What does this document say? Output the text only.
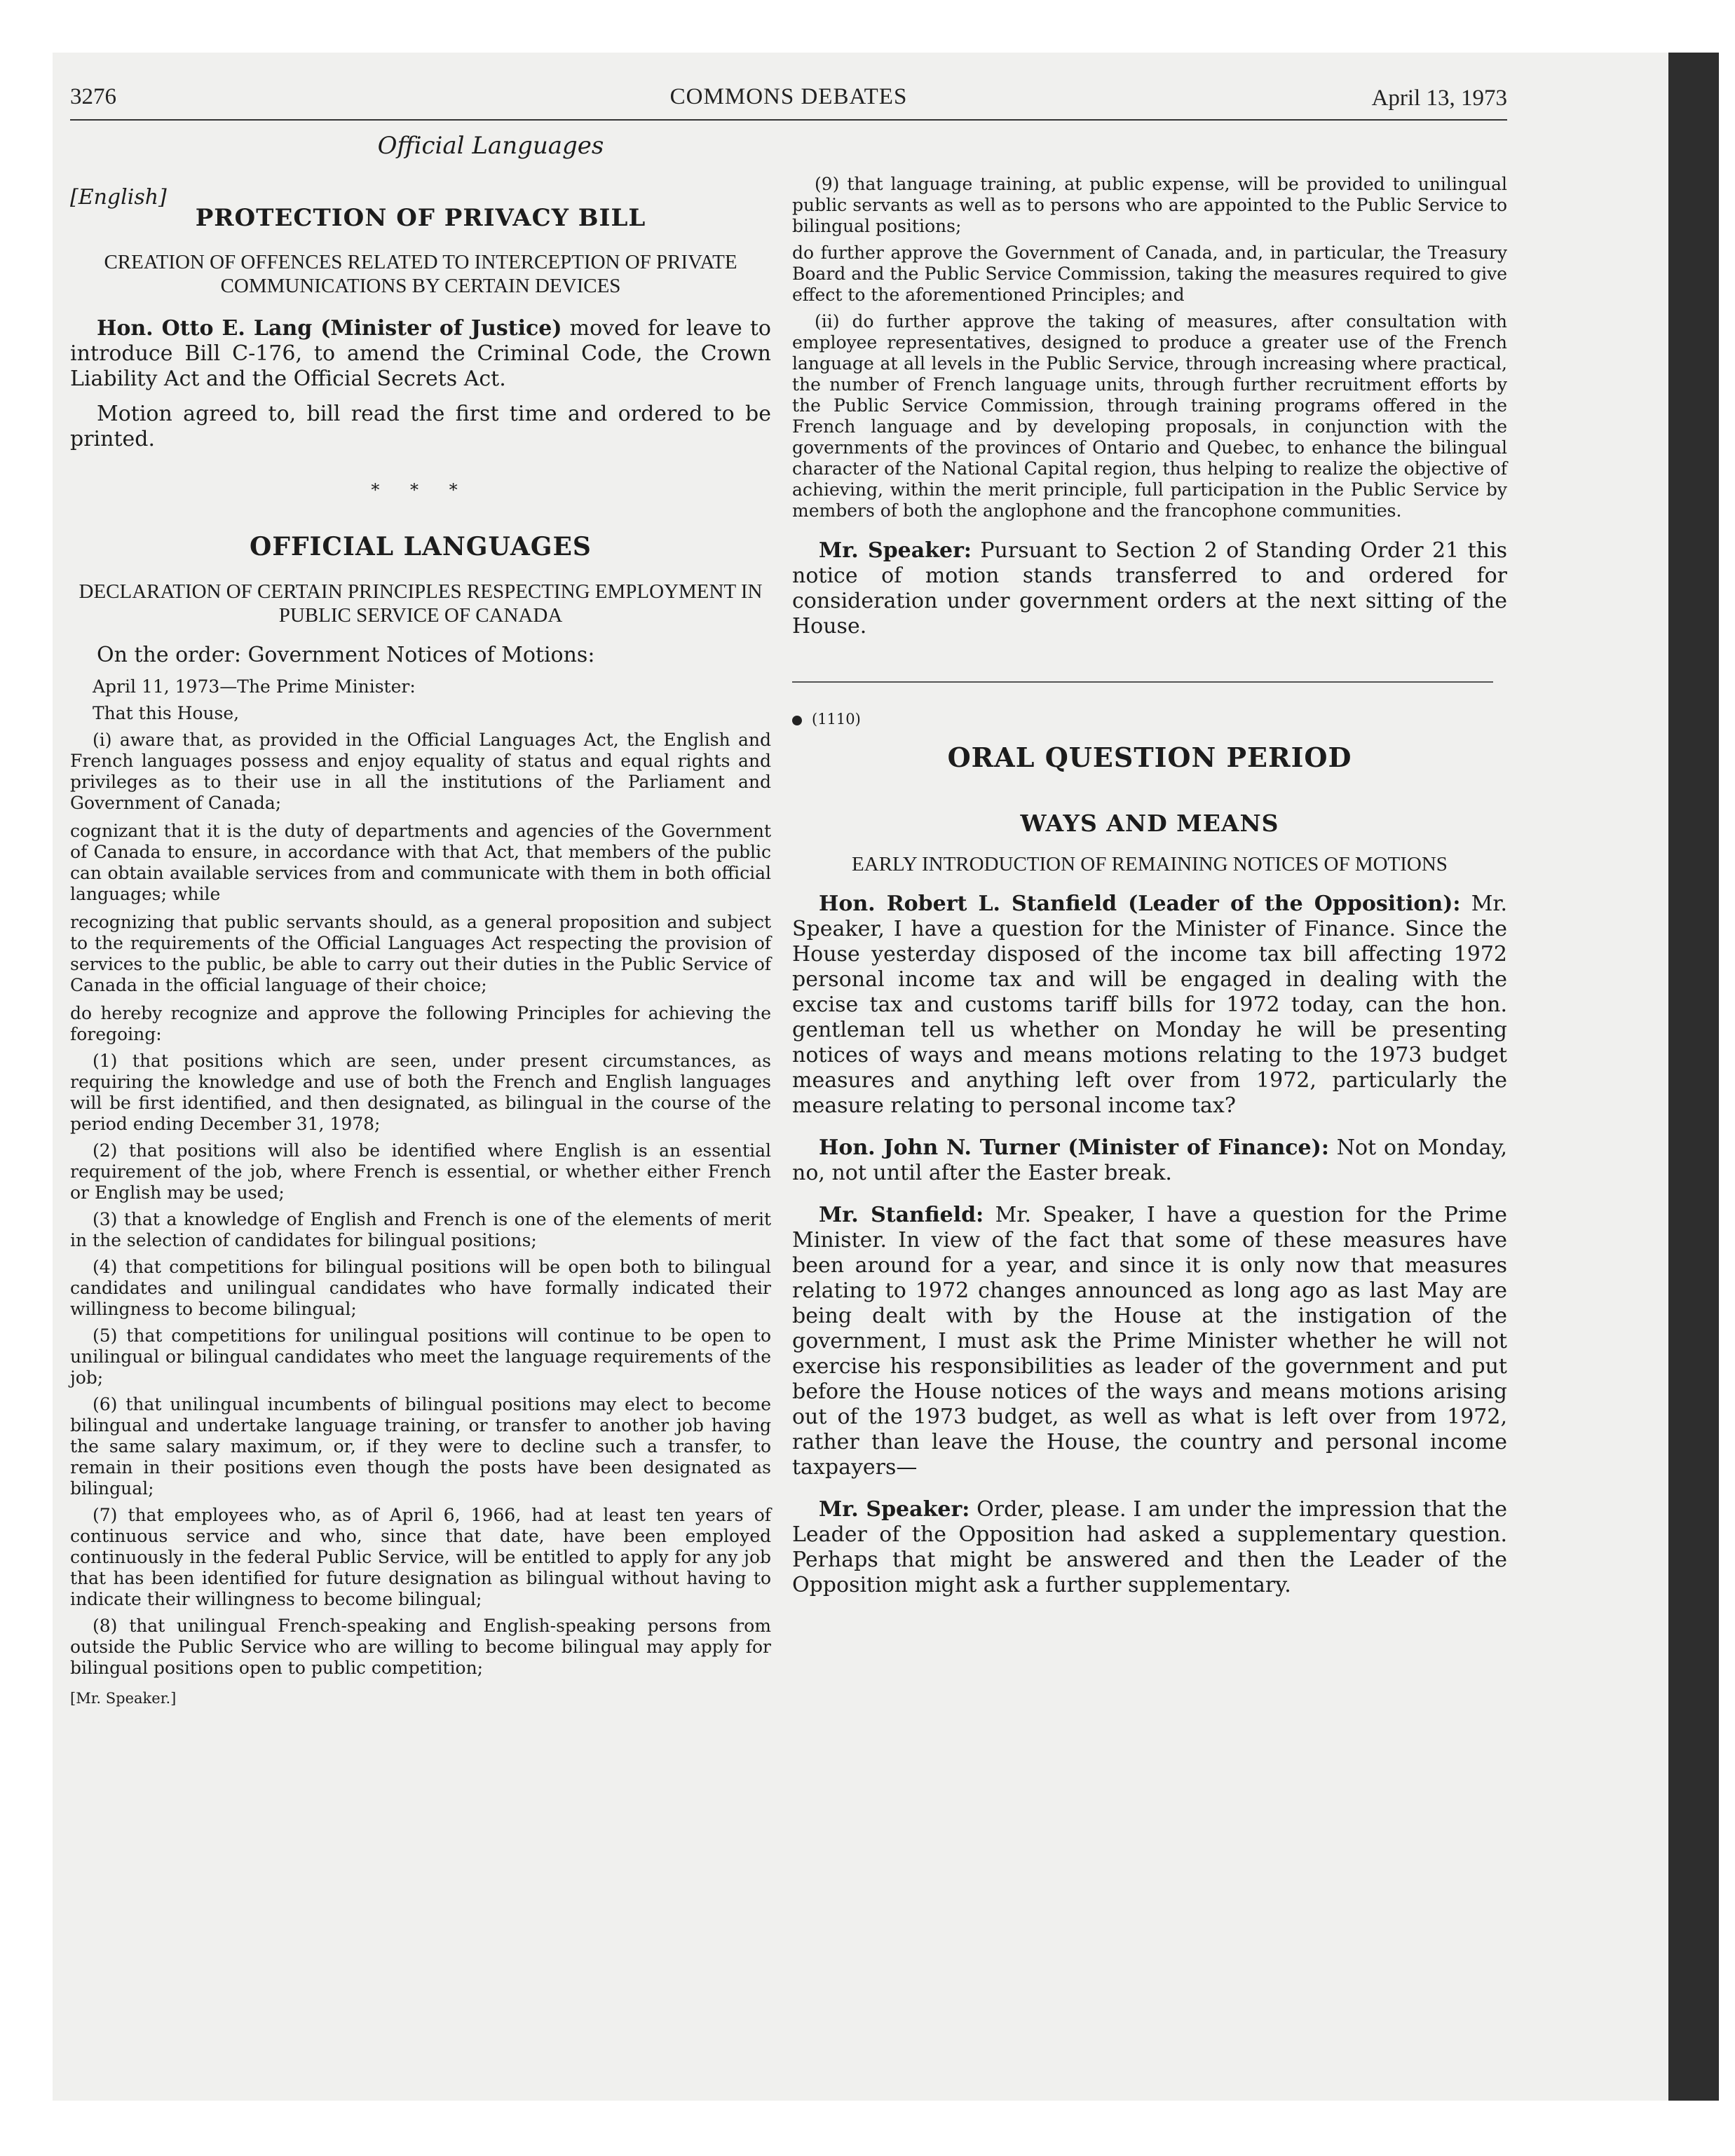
3276	COMMONS DEBATES	April 13, 1973

Official Languages

[English]

PROTECTION OF PRIVACY BILL

CREATION OF OFFENCES RELATED TO INTERCEPTION OF PRIVATE COMMUNICATIONS BY CERTAIN DEVICES

Hon. Otto E. Lang (Minister of Justice) moved for leave to introduce Bill C-176, to amend the Criminal Code, the Crown Liability Act and the Official Secrets Act.

Motion agreed to, bill read the first time and ordered to be printed.

* * *

OFFICIAL LANGUAGES

DECLARATION OF CERTAIN PRINCIPLES RESPECTING EMPLOYMENT IN PUBLIC SERVICE OF CANADA

On the order: Government Notices of Motions:

April 11, 1973—The Prime Minister:

That this House,

(i) aware that, as provided in the Official Languages Act, the English and French languages possess and enjoy equality of status and equal rights and privileges as to their use in all the institutions of the Parliament and Government of Canada;

cognizant that it is the duty of departments and agencies of the Government of Canada to ensure, in accordance with that Act, that members of the public can obtain available services from and communicate with them in both official languages; while

recognizing that public servants should, as a general proposition and subject to the requirements of the Official Languages Act respecting the provision of services to the public, be able to carry out their duties in the Public Service of Canada in the official language of their choice;

do hereby recognize and approve the following Principles for achieving the foregoing:

(1) that positions which are seen, under present circumstances, as requiring the knowledge and use of both the French and English languages will be first identified, and then designated, as bilingual in the course of the period ending December 31, 1978;

(2) that positions will also be identified where English is an essential requirement of the job, where French is essential, or whether either French or English may be used;

(3) that a knowledge of English and French is one of the elements of merit in the selection of candidates for bilingual positions;

(4) that competitions for bilingual positions will be open both to bilingual candidates and unilingual candidates who have formally indicated their willingness to become bilingual;

(5) that competitions for unilingual positions will continue to be open to unilingual or bilingual candidates who meet the language requirements of the job;

(6) that unilingual incumbents of bilingual positions may elect to become bilingual and undertake language training, or transfer to another job having the same salary maximum, or, if they were to decline such a transfer, to remain in their positions even though the posts have been designated as bilingual;

(7) that employees who, as of April 6, 1966, had at least ten years of continuous service and who, since that date, have been employed continuously in the federal Public Service, will be entitled to apply for any job that has been identified for future designation as bilingual without having to indicate their willingness to become bilingual;

(8) that unilingual French-speaking and English-speaking persons from outside the Public Service who are willing to become bilingual may apply for bilingual positions open to public competition;

[Mr. Speaker.]

(9) that language training, at public expense, will be provided to unilingual public servants as well as to persons who are appointed to the Public Service to bilingual positions;

do further approve the Government of Canada, and, in particular, the Treasury Board and the Public Service Commission, taking the measures required to give effect to the aforementioned Principles; and

(ii) do further approve the taking of measures, after consultation with employee representatives, designed to produce a greater use of the French language at all levels in the Public Service, through increasing where practical, the number of French language units, through further recruitment efforts by the Public Service Commission, through training programs offered in the French language and by developing proposals, in conjunction with the governments of the provinces of Ontario and Quebec, to enhance the bilingual character of the National Capital region, thus helping to realize the objective of achieving, within the merit principle, full participation in the Public Service by members of both the anglophone and the francophone communities.

Mr. Speaker: Pursuant to Section 2 of Standing Order 21 this notice of motion stands transferred to and ordered for consideration under government orders at the next sitting of the House.

(1110)

ORAL QUESTION PERIOD

WAYS AND MEANS

EARLY INTRODUCTION OF REMAINING NOTICES OF MOTIONS

Hon. Robert L. Stanfield (Leader of the Opposition): Mr. Speaker, I have a question for the Minister of Finance. Since the House yesterday disposed of the income tax bill affecting 1972 personal income tax and will be engaged in dealing with the excise tax and customs tariff bills for 1972 today, can the hon. gentleman tell us whether on Monday he will be presenting notices of ways and means motions relating to the 1973 budget measures and anything left over from 1972, particularly the measure relating to personal income tax?

Hon. John N. Turner (Minister of Finance): Not on Monday, no, not until after the Easter break.

Mr. Stanfield: Mr. Speaker, I have a question for the Prime Minister. In view of the fact that some of these measures have been around for a year, and since it is only now that measures relating to 1972 changes announced as long ago as last May are being dealt with by the House at the instigation of the government, I must ask the Prime Minister whether he will not exercise his responsibilities as leader of the government and put before the House notices of the ways and means motions arising out of the 1973 budget, as well as what is left over from 1972, rather than leave the House, the country and personal income taxpayers—

Mr. Speaker: Order, please. I am under the impression that the Leader of the Opposition had asked a supplementary question. Perhaps that might be answered and then the Leader of the Opposition might ask a further supplementary.
